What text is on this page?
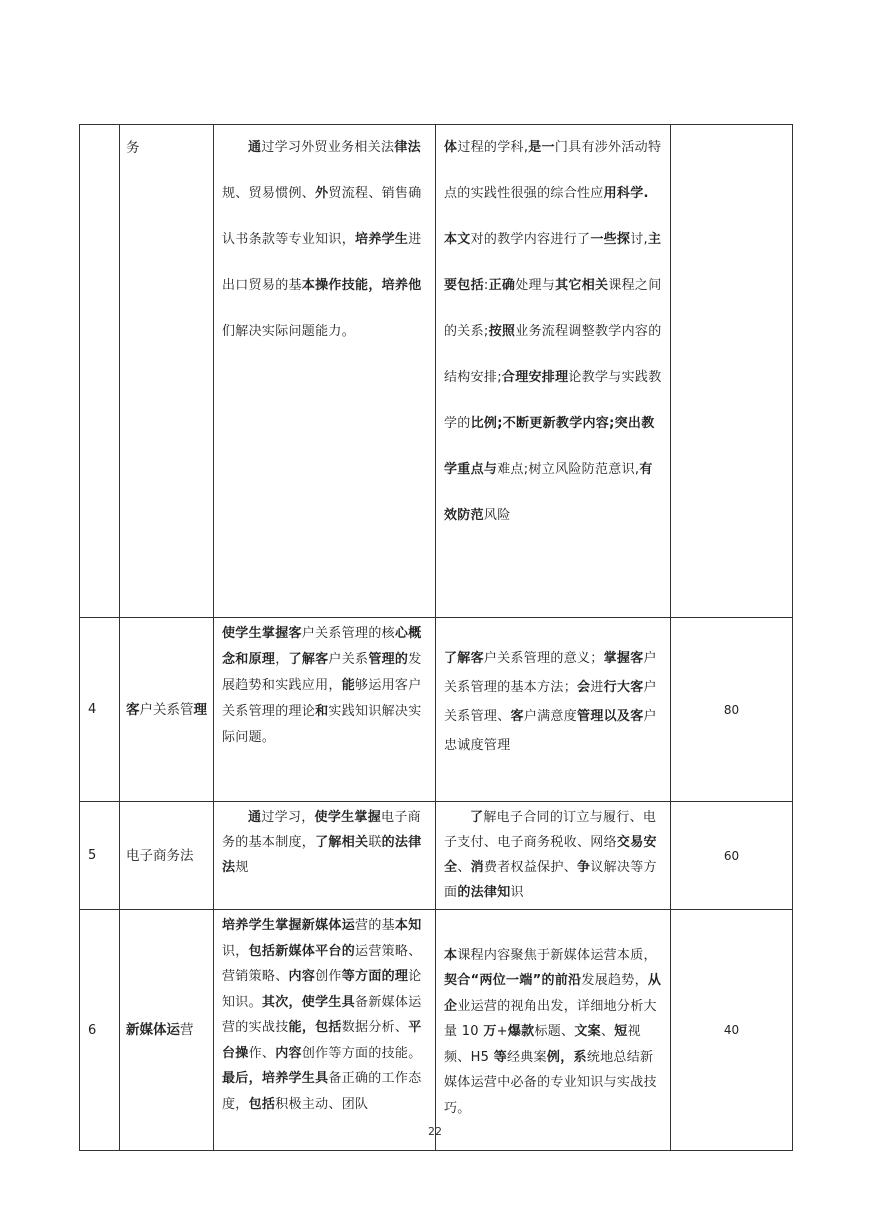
	务	通过学习外贸业务相关法律法规、贸易惯例、外贸流程、销售确认书条款等专业知识，培养学生进出口贸易的基本操作技能，培养他们解决实际问题能力。	体过程的学科,是一门具有涉外活动特点的实践性很强的综合性应用科学.本文对的教学内容进行了一些探讨,主要包括:正确处理与其它相关课程之间的关系;按照业务流程调整教学内容的结构安排;合理安排理论教学与实践教学的比例;不断更新教学内容;突出教学重点与难点;树立风险防范意识,有效防范风险	
4	客户关系管理	使学生掌握客户关系管理的核心概念和原理，了解客户关系管理的发展趋势和实践应用，能够运用客户关系管理的理论和实践知识解决实际问题。	了解客户关系管理的意义；掌握客户关系管理的基本方法；会进行大客户关系管理、客户满意度管理以及客户忠诚度管理	80
5	电子商务法	通过学习，使学生掌握电子商务的基本制度，了解相关联的法律法规	了解电子合同的订立与履行、电子支付、电子商务税收、网络交易安全、消费者权益保护、争议解决等方面的法律知识	60
6	新媒体运营	培养学生掌握新媒体运营的基本知识，包括新媒体平台的运营策略、营销策略、内容创作等方面的理论知识。其次，使学生具备新媒体运营的实战技能，包括数据分析、平台操作、内容创作等方面的技能。最后，培养学生具备正确的工作态度，包括积极主动、团队	本课程内容聚焦于新媒体运营本质，契合“两位一端”的前沿发展趋势，从企业运营的视角出发，详细地分析大量 10 万+爆款标题、文案、短视频、H5 等经典案例，系统地总结新媒体运营中必备的专业知识与实战技巧。	40
22
